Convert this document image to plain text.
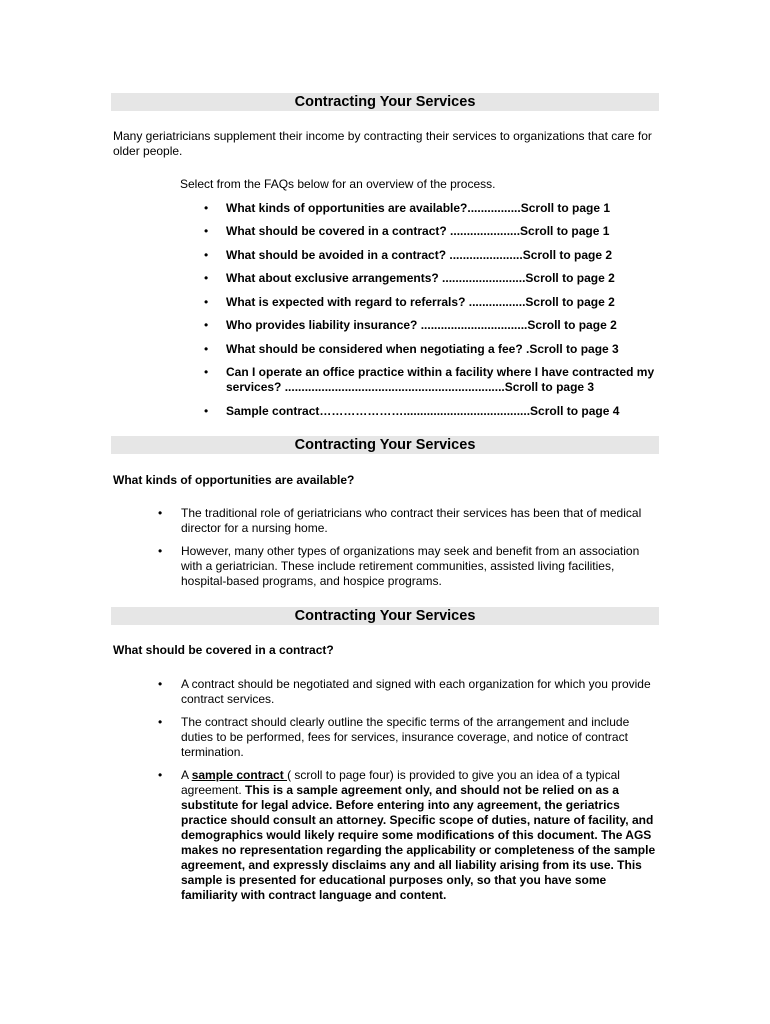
Contracting Your Services
Many geriatricians supplement their income by contracting their services to organizations that care for older people.
Select from the FAQs below for an overview of the process.
• What kinds of opportunities are available?................Scroll to page 1
• What should be covered in a contract? .....................Scroll to page 1
• What should be avoided in a contract? ......................Scroll to page 2
• What about exclusive arrangements? .........................Scroll to page 2
• What is expected with regard to referrals? .................Scroll to page 2
• Who provides liability insurance? ................................Scroll to page 2
• What should be considered when negotiating a fee? .Scroll to page 3
• Can I operate an office practice within a facility where I have contracted my services? ..................................................................Scroll to page 3
• Sample contract…………………......................................Scroll to page 4
Contracting Your Services
What kinds of opportunities are available?
• The traditional role of geriatricians who contract their services has been that of medical director for a nursing home.
• However, many other types of organizations may seek and benefit from an association with a geriatrician. These include retirement communities, assisted living facilities, hospital-based programs, and hospice programs.
Contracting Your Services
What should be covered in a contract?
• A contract should be negotiated and signed with each organization for which you provide contract services.
• The contract should clearly outline the specific terms of the arrangement and include duties to be performed, fees for services, insurance coverage, and notice of contract termination.
• A sample contract ( scroll to page four) is provided to give you an idea of a typical agreement. This is a sample agreement only, and should not be relied on as a substitute for legal advice. Before entering into any agreement, the geriatrics practice should consult an attorney. Specific scope of duties, nature of facility, and demographics would likely require some modifications of this document. The AGS makes no representation regarding the applicability or completeness of the sample agreement, and expressly disclaims any and all liability arising from its use. This sample is presented for educational purposes only, so that you have some familiarity with contract language and content.
